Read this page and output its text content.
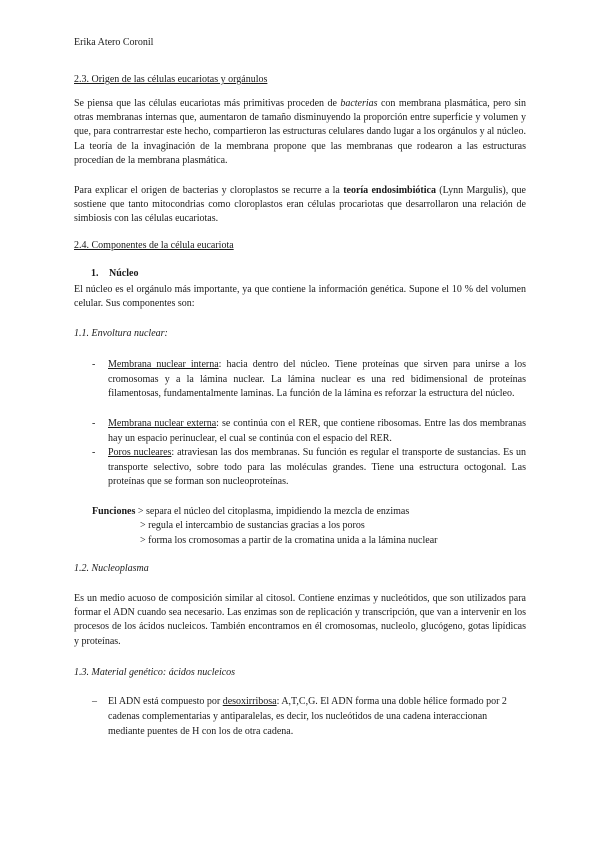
Erika Atero Coronil
2.3. Origen de las células eucariotas y orgánulos
Se piensa que las células eucariotas más primitivas proceden de bacterias con membrana plasmática, pero sin otras membranas internas que, aumentaron de tamaño disminuyendo la proporción entre superficie y volumen y que, para contrarrestar este hecho, compartieron las estructuras celulares dando lugar a los orgánulos y al núcleo. La teoría de la invaginación de la membrana propone que las membranas que rodearon a las estructuras procedían de la membrana plasmática.
Para explicar el origen de bacterias y cloroplastos se recurre a la teoría endosimbiótica (Lynn Margulis), que sostiene que tanto mitocondrias como cloroplastos eran células procariotas que desarrollaron una relación de simbiosis con las células eucariotas.
2.4. Componentes de la célula eucariota
1. Núcleo
El núcleo es el orgánulo más importante, ya que contiene la información genética. Supone el 10 % del volumen celular. Sus componentes son:
1.1. Envoltura nuclear:
- Membrana nuclear interna: hacia dentro del núcleo. Tiene proteínas que sirven para unirse a los cromosomas y a la lámina nuclear. La lámina nuclear es una red bidimensional de proteínas filamentosas, fundamentalmente laminas. La función de la lámina es reforzar la estructura del núcleo.
- Membrana nuclear externa: se continúa con el RER, que contiene ribosomas. Entre las dos membranas hay un espacio perinuclear, el cual se continúa con el espacio del RER.
- Poros nucleares: atraviesan las dos membranas. Su función es regular el transporte de sustancias. Es un transporte selectivo, sobre todo para las moléculas grandes. Tiene una estructura octogonal. Las proteínas que se forman son nucleoproteínas.
Funciones > separa el núcleo del citoplasma, impidiendo la mezcla de enzimas
> regula el intercambio de sustancias gracias a los poros
> forma los cromosomas a partir de la cromatina unida a la lámina nuclear
1.2. Nucleoplasma
Es un medio acuoso de composición similar al citosol. Contiene enzimas y nucleótidos, que son utilizados para formar el ADN cuando sea necesario. Las enzimas son de replicación y transcripción, que van a intervenir en los procesos de los ácidos nucleicos. También encontramos en él cromosomas, nucleolo, glucógeno, gotas lipídicas y proteínas.
1.3. Material genético: ácidos nucleicos
– El ADN está compuesto por desoxirribosa: A,T,C,G. El ADN forma una doble hélice formado por 2 cadenas complementarias y antiparalelas, es decir, los nucleótidos de una cadena interaccionan mediante puentes de H con los de otra cadena.
